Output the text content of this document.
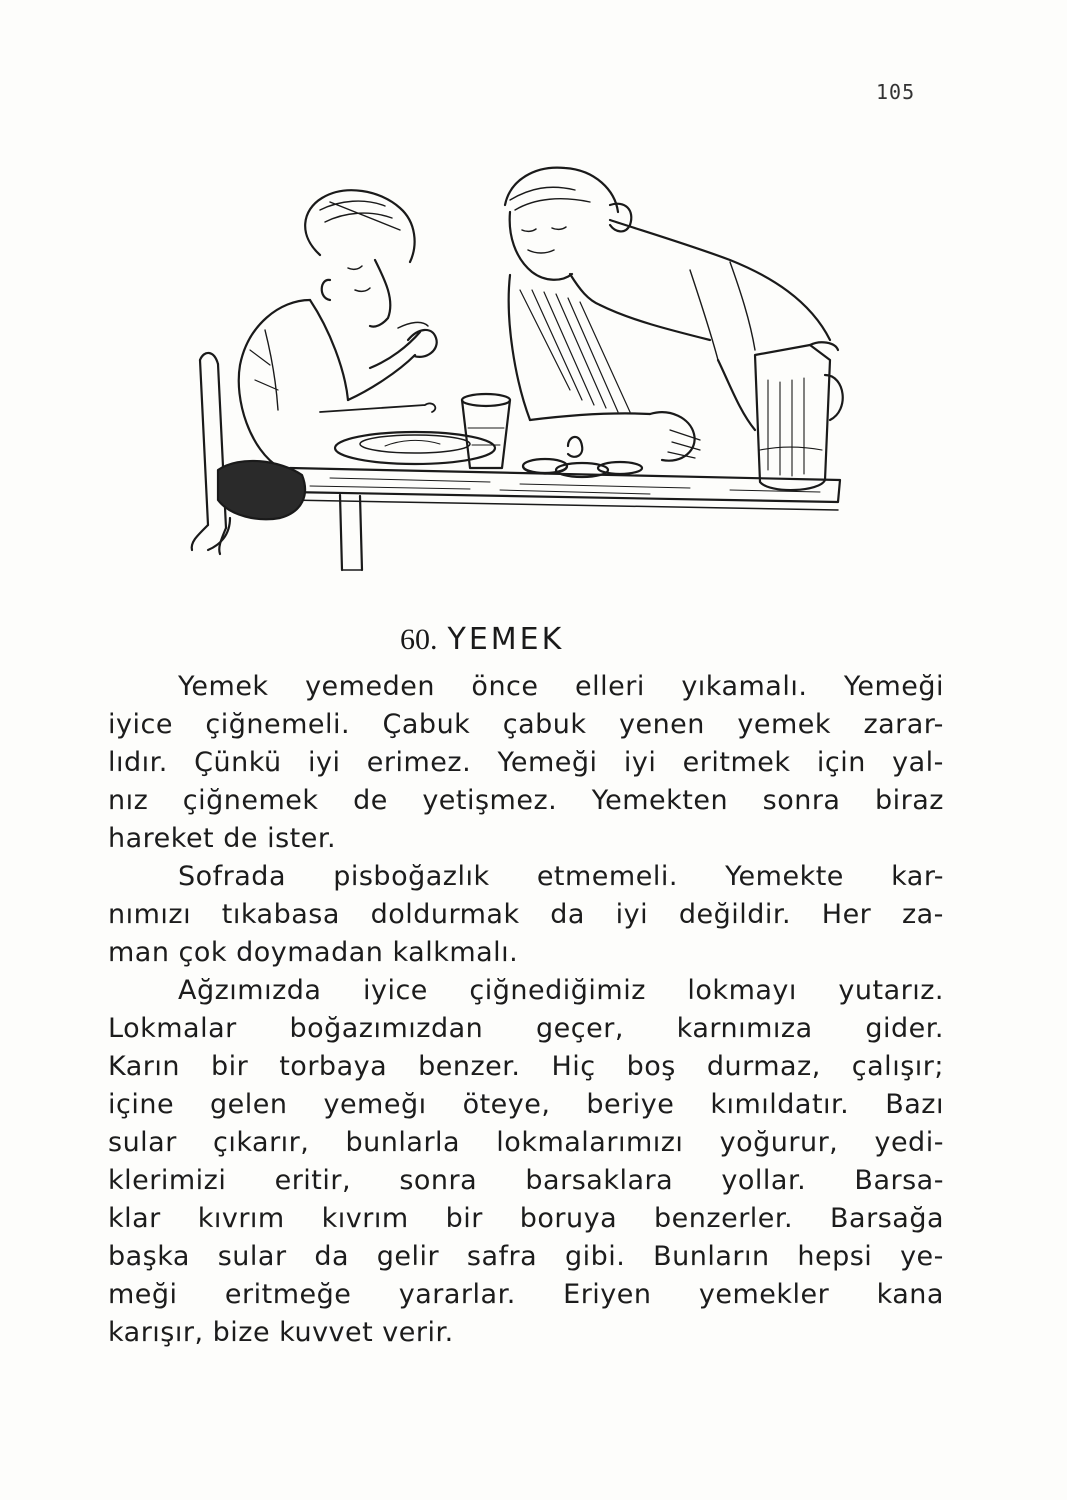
105
60. YEMEK
Yemek yemeden önce elleri yıkamalı. Yemeği
iyice çiğnemeli. Çabuk çabuk yenen yemek zarar-
lıdır. Çünkü iyi erimez. Yemeği iyi eritmek için yal-
nız çiğnemek de yetişmez. Yemekten sonra biraz
hareket de ister.
Sofrada pisboğazlık etmemeli. Yemekte kar-
nımızı tıkabasa doldurmak da iyi değildir. Her za-
man çok doymadan kalkmalı.
Ağzımızda iyice çiğnediğimiz lokmayı yutarız.
Lokmalar boğazımızdan geçer, karnımıza gider.
Karın bir torbaya benzer. Hiç boş durmaz, çalışır;
içine gelen yemeğı öteye, beriye kımıldatır. Bazı
sular çıkarır, bunlarla lokmalarımızı yoğurur, yedi-
klerimizi eritir, sonra barsaklara yollar. Barsa-
klar kıvrım kıvrım bir boruya benzerler. Barsağa
başka sular da gelir safra gibi. Bunların hepsi ye-
meği eritmeğe yararlar. Eriyen yemekler kana
karışır, bize kuvvet verir.
